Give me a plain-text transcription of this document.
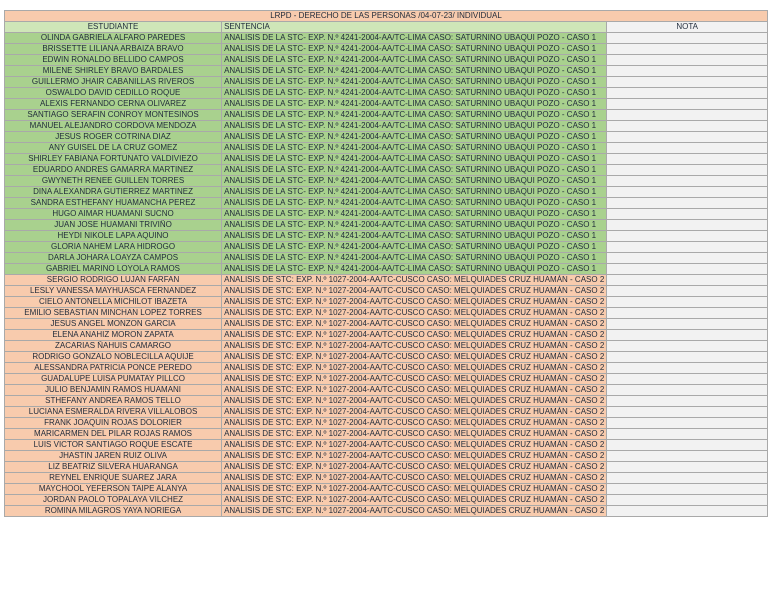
LRPD - DERECHO DE LAS PERSONAS /04-07-23/ INDIVIDUAL		
ESTUDIANTE	SENTENCIA	NOTA
OLINDA GABRIELA ALFARO PAREDES	ANALISIS DE LA STC- EXP. N.º 4241-2004-AA/TC-LIMA CASO: SATURNINO UBAQUI POZO - CASO 1	
BRISSETTE LILIANA ARBAIZA BRAVO	ANALISIS DE LA STC- EXP. N.º 4241-2004-AA/TC-LIMA CASO: SATURNINO UBAQUI POZO - CASO 1	
EDWIN RONALDO BELLIDO CAMPOS	ANALISIS DE LA STC- EXP. N.º 4241-2004-AA/TC-LIMA CASO: SATURNINO UBAQUI POZO - CASO 1	
MILENE SHIRLEY BRAVO BARDALES	ANALISIS DE LA STC- EXP. N.º 4241-2004-AA/TC-LIMA CASO: SATURNINO UBAQUI POZO - CASO 1	
GUILLERMO JHAIR CABANILLAS RIVEROS	ANALISIS DE LA STC- EXP. N.º 4241-2004-AA/TC-LIMA CASO: SATURNINO UBAQUI POZO - CASO 1	
OSWALDO DAVID CEDILLO ROQUE	ANALISIS DE LA STC- EXP. N.º 4241-2004-AA/TC-LIMA CASO: SATURNINO UBAQUI POZO - CASO 1	
ALEXIS FERNANDO CERNA OLIVAREZ	ANALISIS DE LA STC- EXP. N.º 4241-2004-AA/TC-LIMA CASO: SATURNINO UBAQUI POZO - CASO 1	
SANTIAGO SERAFIN CONROY MONTESINOS	ANALISIS DE LA STC- EXP. N.º 4241-2004-AA/TC-LIMA CASO: SATURNINO UBAQUI POZO - CASO 1	
MANUEL ALEJANDRO CORDOVA MENDOZA	ANALISIS DE LA STC- EXP. N.º 4241-2004-AA/TC-LIMA CASO: SATURNINO UBAQUI POZO - CASO 1	
JESUS ROGER COTRINA DIAZ	ANALISIS DE LA STC- EXP. N.º 4241-2004-AA/TC-LIMA CASO: SATURNINO UBAQUI POZO - CASO 1	
ANY GUISEL DE LA CRUZ GOMEZ	ANALISIS DE LA STC- EXP. N.º 4241-2004-AA/TC-LIMA CASO: SATURNINO UBAQUI POZO - CASO 1	
SHIRLEY FABIANA FORTUNATO VALDIVIEZO	ANALISIS DE LA STC- EXP. N.º 4241-2004-AA/TC-LIMA CASO: SATURNINO UBAQUI POZO - CASO 1	
EDUARDO ANDRES GAMARRA MARTINEZ	ANALISIS DE LA STC- EXP. N.º 4241-2004-AA/TC-LIMA CASO: SATURNINO UBAQUI POZO - CASO 1	
GWYNETH RENEE GUILLEN TORRES	ANALISIS DE LA STC- EXP. N.º 4241-2004-AA/TC-LIMA CASO: SATURNINO UBAQUI POZO - CASO 1	
DINA ALEXANDRA GUTIERREZ MARTINEZ	ANALISIS DE LA STC- EXP. N.º 4241-2004-AA/TC-LIMA CASO: SATURNINO UBAQUI POZO - CASO 1	
SANDRA ESTHEFANY HUAMANCHA PEREZ	ANALISIS DE LA STC- EXP. N.º 4241-2004-AA/TC-LIMA CASO: SATURNINO UBAQUI POZO - CASO 1	
HUGO AIMAR HUAMANI SUCNO	ANALISIS DE LA STC- EXP. N.º 4241-2004-AA/TC-LIMA CASO: SATURNINO UBAQUI POZO - CASO 1	
JUAN JOSE HUAMANI TRIVIÑO	ANALISIS DE LA STC- EXP. N.º 4241-2004-AA/TC-LIMA CASO: SATURNINO UBAQUI POZO - CASO 1	
HEYDI NIKOLE LAPA AQUINO	ANALISIS DE LA STC- EXP. N.º 4241-2004-AA/TC-LIMA CASO: SATURNINO UBAQUI POZO - CASO 1	
GLORIA NAHEM LARA HIDROGO	ANALISIS DE LA STC- EXP. N.º 4241-2004-AA/TC-LIMA CASO: SATURNINO UBAQUI POZO - CASO 1	
DARLA JOHARA LOAYZA CAMPOS	ANALISIS DE LA STC- EXP. N.º 4241-2004-AA/TC-LIMA CASO: SATURNINO UBAQUI POZO - CASO 1	
GABRIEL MARINO LOYOLA RAMOS	ANALISIS DE LA STC- EXP. N.º 4241-2004-AA/TC-LIMA CASO: SATURNINO UBAQUI POZO - CASO 1	
SERGIO RODRIGO LUJAN FARFAN	ANALISIS DE STC: EXP. N.º 1027-2004-AA/TC-CUSCO CASO: MELQUIADES CRUZ HUAMÁN - CASO 2	
LESLY VANESSA MAYHUASCA FERNANDEZ	ANALISIS DE STC: EXP. N.º 1027-2004-AA/TC-CUSCO CASO: MELQUIADES CRUZ HUAMÁN - CASO 2	
CIELO ANTONELLA MICHILOT IBAZETA	ANALISIS DE STC: EXP. N.º 1027-2004-AA/TC-CUSCO CASO: MELQUIADES CRUZ HUAMÁN - CASO 2	
EMILIO SEBASTIAN MINCHAN LOPEZ TORRES	ANALISIS DE STC: EXP. N.º 1027-2004-AA/TC-CUSCO CASO: MELQUIADES CRUZ HUAMÁN - CASO 2	
JESUS ANGEL MONZON GARCIA	ANALISIS DE STC: EXP. N.º 1027-2004-AA/TC-CUSCO CASO: MELQUIADES CRUZ HUAMÁN - CASO 2	
ELENA ANAHIZ MORON ZAPATA	ANALISIS DE STC: EXP. N.º 1027-2004-AA/TC-CUSCO CASO: MELQUIADES CRUZ HUAMÁN - CASO 2	
ZACARIAS ÑAHUIS CAMARGO	ANALISIS DE STC: EXP. N.º 1027-2004-AA/TC-CUSCO CASO: MELQUIADES CRUZ HUAMÁN - CASO 2	
RODRIGO GONZALO NOBLECILLA AQUIJE	ANALISIS DE STC: EXP. N.º 1027-2004-AA/TC-CUSCO CASO: MELQUIADES CRUZ HUAMÁN - CASO 2	
ALESSANDRA PATRICIA PONCE PEREDO	ANALISIS DE STC: EXP. N.º 1027-2004-AA/TC-CUSCO CASO: MELQUIADES CRUZ HUAMÁN - CASO 2	
GUADALUPE LUISA PUMATAY PILLCO	ANALISIS DE STC: EXP. N.º 1027-2004-AA/TC-CUSCO CASO: MELQUIADES CRUZ HUAMÁN - CASO 2	
JULIO BENJAMIN RAMOS HUAMANI	ANALISIS DE STC: EXP. N.º 1027-2004-AA/TC-CUSCO CASO: MELQUIADES CRUZ HUAMÁN - CASO 2	
STHEFANY ANDREA RAMOS TELLO	ANALISIS DE STC: EXP. N.º 1027-2004-AA/TC-CUSCO CASO: MELQUIADES CRUZ HUAMÁN - CASO 2	
LUCIANA ESMERALDA RIVERA VILLALOBOS	ANALISIS DE STC: EXP. N.º 1027-2004-AA/TC-CUSCO CASO: MELQUIADES CRUZ HUAMÁN - CASO 2	
FRANK JOAQUIN ROJAS DOLORIER	ANALISIS DE STC: EXP. N.º 1027-2004-AA/TC-CUSCO CASO: MELQUIADES CRUZ HUAMÁN - CASO 2	
MARICARMEN DEL PILAR ROJAS RAMOS	ANALISIS DE STC: EXP. N.º 1027-2004-AA/TC-CUSCO CASO: MELQUIADES CRUZ HUAMÁN - CASO 2	
LUIS VICTOR SANTIAGO ROQUE ESCATE	ANALISIS DE STC: EXP. N.º 1027-2004-AA/TC-CUSCO CASO: MELQUIADES CRUZ HUAMÁN - CASO 2	
JHASTIN JAREN RUIZ OLIVA	ANALISIS DE STC: EXP. N.º 1027-2004-AA/TC-CUSCO CASO: MELQUIADES CRUZ HUAMÁN - CASO 2	
LIZ BEATRIZ SILVERA HUARANGA	ANALISIS DE STC: EXP. N.º 1027-2004-AA/TC-CUSCO CASO: MELQUIADES CRUZ HUAMÁN - CASO 2	
REYNEL ENRIQUE SUAREZ JARA	ANALISIS DE STC: EXP. N.º 1027-2004-AA/TC-CUSCO CASO: MELQUIADES CRUZ HUAMÁN - CASO 2	
MAYCHOOL YEFERSON TAIPE ALANYA	ANALISIS DE STC: EXP. N.º 1027-2004-AA/TC-CUSCO CASO: MELQUIADES CRUZ HUAMÁN - CASO 2	
JORDAN PAOLO TOPALAYA VILCHEZ	ANALISIS DE STC: EXP. N.º 1027-2004-AA/TC-CUSCO CASO: MELQUIADES CRUZ HUAMÁN - CASO 2	
ROMINA MILAGROS YAYA NORIEGA	ANALISIS DE STC: EXP. N.º 1027-2004-AA/TC-CUSCO CASO: MELQUIADES CRUZ HUAMÁN - CASO 2	
